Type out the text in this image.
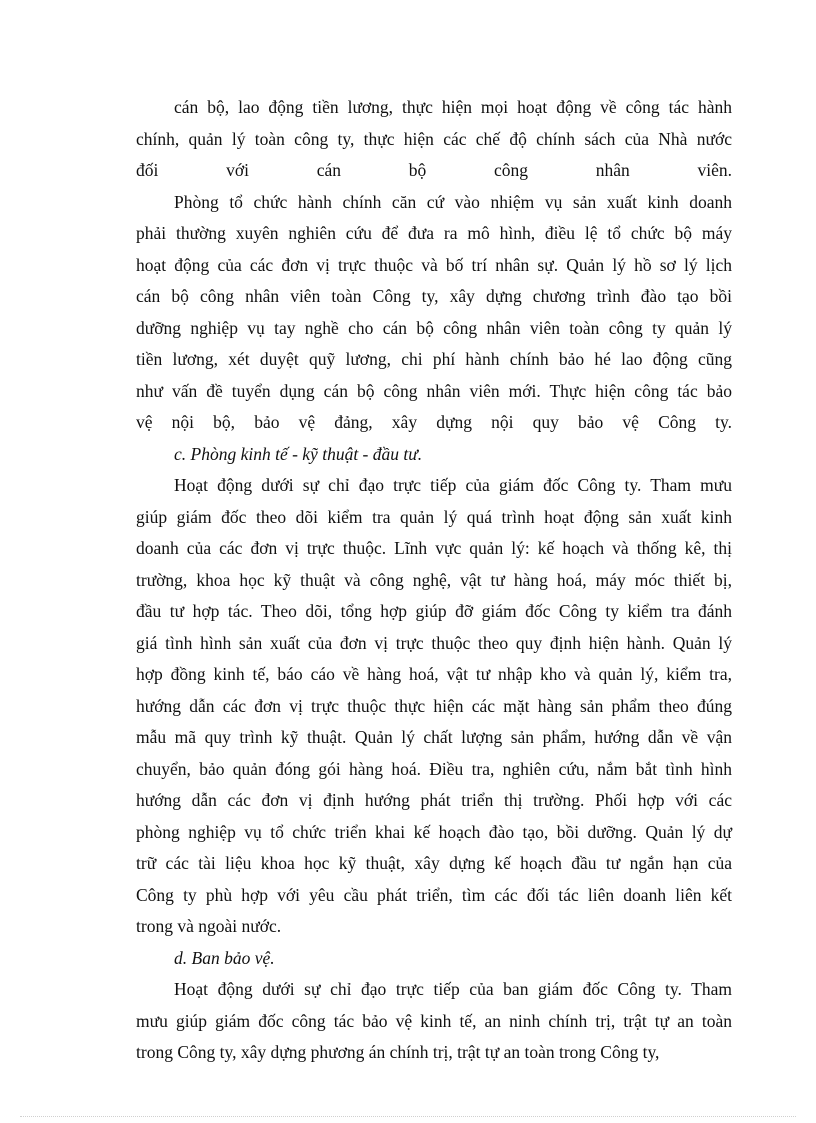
cán bộ, lao động tiền lương, thực hiện mọi hoạt động về công tác hành
chính, quản lý toàn công ty, thực hiện các chế độ chính sách của Nhà nước
đối với cán bộ công nhân viên.
Phòng tổ chức hành chính căn cứ vào nhiệm vụ sản xuất kinh doanh
phải thường xuyên nghiên cứu để đưa ra mô hình, điều lệ tổ chức bộ máy
hoạt động của các đơn vị trực thuộc và bố trí nhân sự. Quản lý hồ sơ lý lịch
cán bộ công nhân viên toàn Công ty, xây dựng chương trình đào tạo bồi
dưỡng nghiệp vụ tay nghề cho cán bộ công nhân viên toàn công ty quản lý
tiền lương, xét duyệt quỹ lương, chi phí hành chính bảo hé lao động cũng
như vấn đề tuyển dụng cán bộ công nhân viên mới. Thực hiện công tác bảo
vệ nội bộ, bảo vệ đảng, xây dựng nội quy bảo vệ Công ty.
c. Phòng kinh tế - kỹ thuật - đầu tư.
Hoạt động dưới sự chỉ đạo trực tiếp của giám đốc Công ty. Tham mưu
giúp giám đốc theo dõi kiểm tra quản lý quá trình hoạt động sản xuất kinh
doanh của các đơn vị trực thuộc. Lĩnh vực quản lý: kế hoạch và thống kê, thị
trường, khoa học kỹ thuật và công nghệ, vật tư hàng hoá, máy móc thiết bị,
đầu tư hợp tác. Theo dõi, tổng hợp giúp đỡ giám đốc Công ty kiểm tra đánh
giá tình hình sản xuất của đơn vị trực thuộc theo quy định hiện hành. Quản lý
hợp đồng kinh tế, báo cáo về hàng hoá, vật tư nhập kho và quản lý, kiểm tra,
hướng dẫn các đơn vị trực thuộc thực hiện các mặt hàng sản phẩm theo đúng
mẫu mã quy trình kỹ thuật. Quản lý chất lượng sản phẩm, hướng dẫn về vận
chuyển, bảo quản đóng gói hàng hoá. Điều tra, nghiên cứu, nắm bắt tình hình
hướng dẫn các đơn vị định hướng phát triển thị trường. Phối hợp với các
phòng nghiệp vụ tổ chức triển khai kế hoạch đào tạo, bồi dưỡng. Quản lý dự
trữ các tài liệu khoa học kỹ thuật, xây dựng kế hoạch đầu tư ngắn hạn của
Công ty phù hợp với yêu cầu phát triển, tìm các đối tác liên doanh liên kết
trong và ngoài nước.
d. Ban bảo vệ.
Hoạt động dưới sự chỉ đạo trực tiếp của ban giám đốc Công ty. Tham
mưu giúp giám đốc công tác bảo vệ kinh tế, an ninh chính trị, trật tự an toàn
trong Công ty, xây dựng phương án chính trị, trật tự an toàn trong Công ty,
